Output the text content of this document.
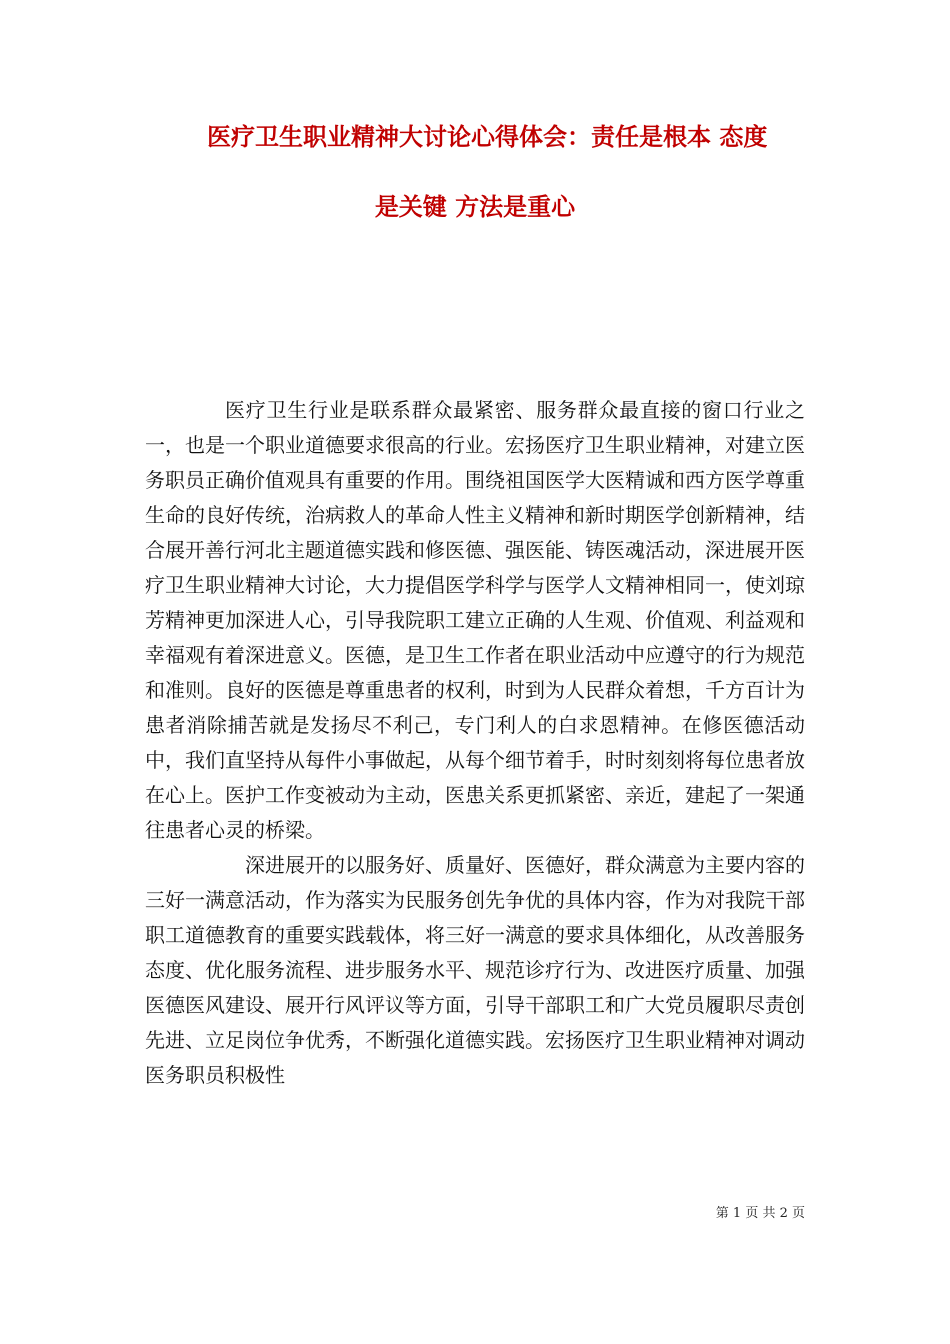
医疗卫生职业精神大讨论心得体会：责任是根本 态度
是关键 方法是重心

医疗卫生行业是联系群众最紧密、服务群众最直接的窗口行业之一，也是一个职业道德要求很高的行业。宏扬医疗卫生职业精神，对建立医务职员正确价值观具有重要的作用。围绕祖国医学大医精诚和西方医学尊重生命的良好传统，治病救人的革命人性主义精神和新时期医学创新精神，结合展开善行河北主题道德实践和修医德、强医能、铸医魂活动，深进展开医疗卫生职业精神大讨论，大力提倡医学科学与医学人文精神相同一，使刘琼芳精神更加深进人心，引导我院职工建立正确的人生观、价值观、利益观和幸福观有着深进意义。医德，是卫生工作者在职业活动中应遵守的行为规范和准则。良好的医德是尊重患者的权利，时到为人民群众着想，千方百计为患者消除捕苦就是发扬尽不利己，专门利人的白求恩精神。在修医德活动中，我们直坚持从每件小事做起，从每个细节着手，时时刻刻将每位患者放在心上。医护工作变被动为主动，医患关系更抓紧密、亲近，建起了一架通往患者心灵的桥梁。

深进展开的以服务好、质量好、医德好，群众满意为主要内容的三好一满意活动，作为落实为民服务创先争优的具体内容，作为对我院干部职工道德教育的重要实践载体，将三好一满意的要求具体细化，从改善服务态度、优化服务流程、进步服务水平、规范诊疗行为、改进医疗质量、加强医德医风建设、展开行风评议等方面，引导干部职工和广大党员履职尽责创先进、立足岗位争优秀，不断强化道德实践。宏扬医疗卫生职业精神对调动医务职员积极性

第 1 页 共 2 页
